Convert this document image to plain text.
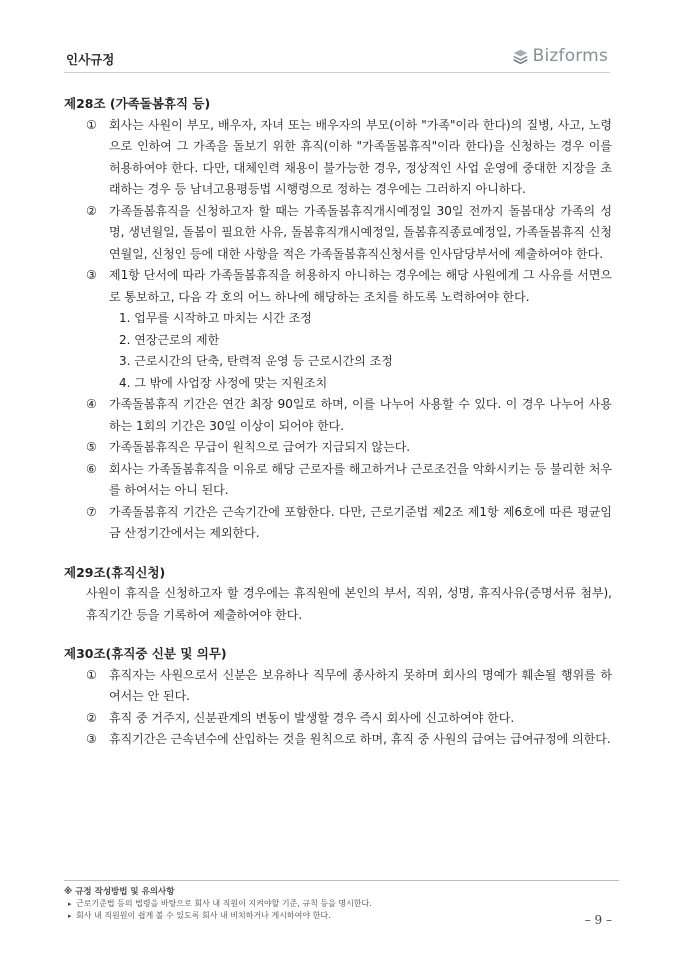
인사규정	Bizforms
제28조 (가족돌봄휴직 등)
①	회사는 사원이 부모, 배우자, 자녀 또는 배우자의 부모(이하 "가족"이라 한다)의 질병, 사고, 노령으로 인하여 그 가족을 돌보기 위한 휴직(이하 "가족돌봄휴직"이라 한다)을 신청하는 경우 이를 허용하여야 한다. 다만, 대체인력 채용이 불가능한 경우, 정상적인 사업 운영에 중대한 지장을 초래하는 경우 등 남녀고용평등법 시행령으로 정하는 경우에는 그러하지 아니하다.
②	가족돌봄휴직을 신청하고자 할 때는 가족돌봄휴직개시예정일 30일 전까지 돌봄대상 가족의 성명, 생년월일, 돌봄이 필요한 사유, 돌봄휴직개시예정일, 돌봄휴직종료예정일, 가족돌봄휴직 신청연월일, 신청인 등에 대한 사항을 적은 가족돌봄휴직신청서를 인사담당부서에 제출하여야 한다.
③	제1항 단서에 따라 가족돌봄휴직을 허용하지 아니하는 경우에는 해당 사원에게 그 사유를 서면으로 통보하고, 다음 각 호의 어느 하나에 해당하는 조치를 하도록 노력하여야 한다.
1. 업무를 시작하고 마치는 시간 조정
2. 연장근로의 제한
3. 근로시간의 단축, 탄력적 운영 등 근로시간의 조정
4. 그 밖에 사업장 사정에 맞는 지원조치
④	가족돌봄휴직 기간은 연간 최장 90일로 하며, 이를 나누어 사용할 수 있다. 이 경우 나누어 사용하는 1회의 기간은 30일 이상이 되어야 한다.
⑤	가족돌봄휴직은 무급이 원칙으로 급여가 지급되지 않는다.
⑥	회사는 가족돌봄휴직을 이유로 해당 근로자를 해고하거나 근로조건을 악화시키는 등 불리한 처우를 하여서는 아니 된다.
⑦	가족돌봄휴직 기간은 근속기간에 포함한다. 다만, 근로기준법 제2조 제1항 제6호에 따른 평균임금 산정기간에서는 제외한다.
제29조(휴직신청)
사원이 휴직을 신청하고자 할 경우에는 휴직원에 본인의 부서, 직위, 성명, 휴직사유(증명서류 첨부), 휴직기간 등을 기록하여 제출하여야 한다.
제30조(휴직중 신분 및 의무)
①	휴직자는 사원으로서 신분은 보유하나 직무에 종사하지 못하며 회사의 명예가 훼손될 행위를 하여서는 안 된다.
②	휴직 중 거주지, 신분관계의 변동이 발생할 경우 즉시 회사에 신고하여야 한다.
③	휴직기간은 근속년수에 산입하는 것을 원칙으로 하며, 휴직 중 사원의 급여는 급여규정에 의한다.
※ 규정 작성방법 및 유의사항
▸ 근로기준법 등의 법령을 바탕으로 회사 내 직원이 지켜야할 기준, 규칙 등을 명시한다.
▸ 회사 내 직원원이 쉽게 볼 수 있도록 회사 내 비치하거나 게시하여야 한다.	– 9 –
